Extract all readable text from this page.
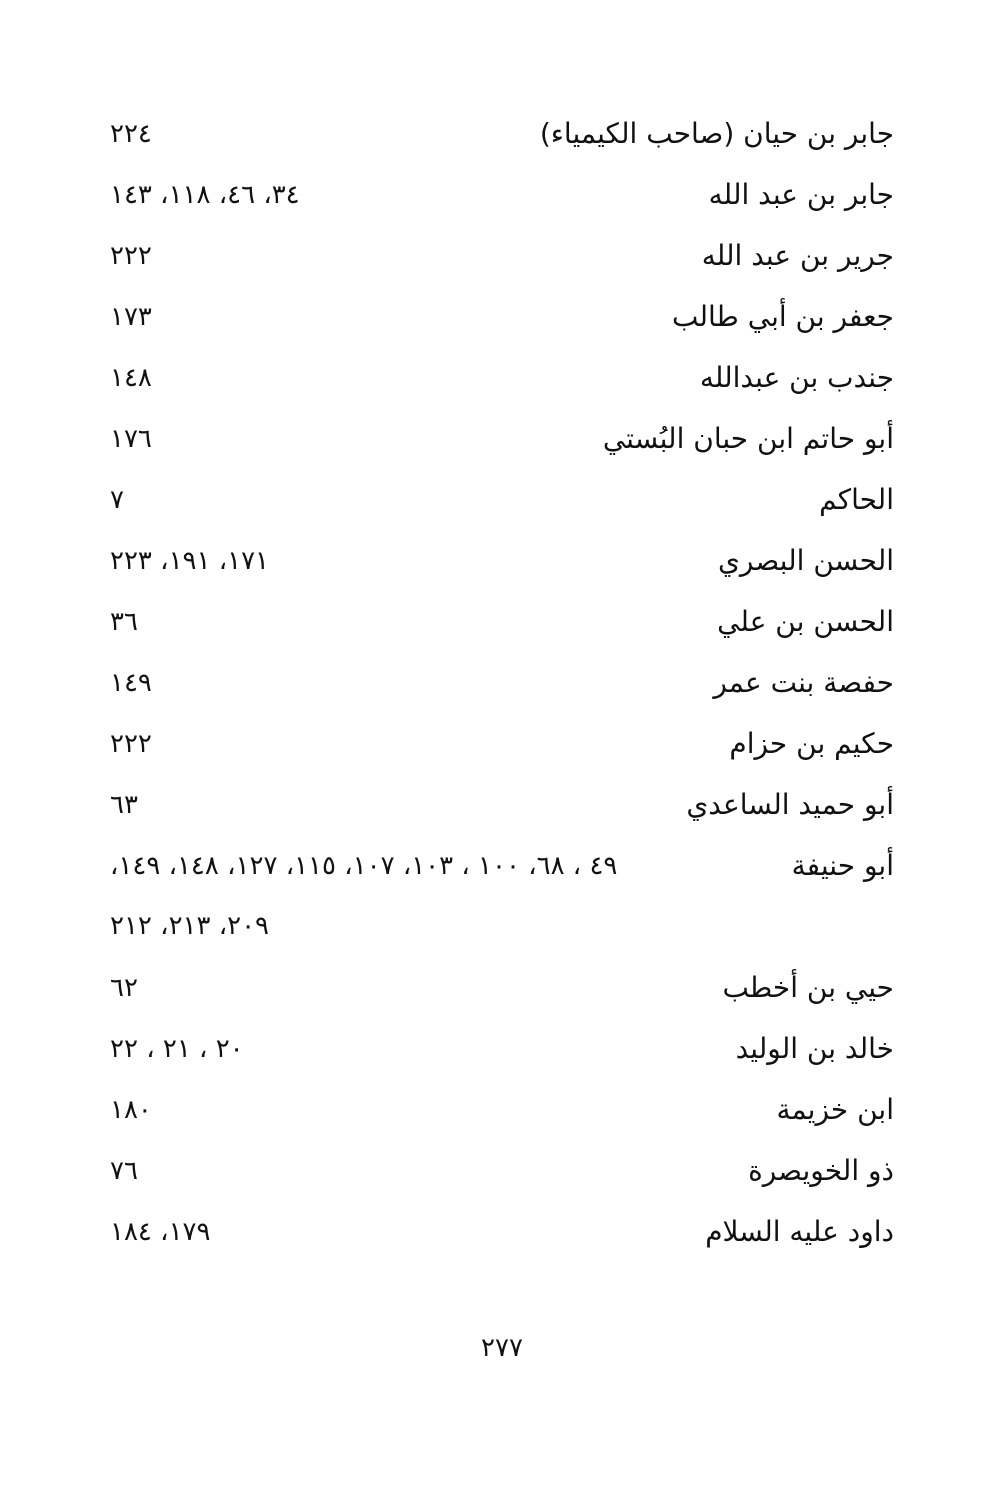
جابر بن حيان (صاحب الكيمياء)
٢٢٤
جابر بن عبد الله
٣٤، ٤٦، ١١٨، ١٤٣
جرير بن عبد الله
٢٢٢
جعفر بن أبي طالب
١٧٣
جندب بن عبدالله
١٤٨
أبو حاتم ابن حبان البُستي
١٧٦
الحاكم
٧
الحسن البصري
١٧١، ١٩١، ٢٢٣
الحسن بن علي
٣٦
حفصة بنت عمر
١٤٩
حكيم بن حزام
٢٢٢
أبو حميد الساعدي
٦٣
أبو حنيفة
٤٩ ، ٦٨، ١٠٠ ، ١٠٣، ١٠٧، ١١٥، ١٢٧، ١٤٨، ١٤٩،
٢٠٩، ٢١٣، ٢١٢
حيي بن أخطب
٦٢
خالد بن الوليد
٢٠ ، ٢١ ، ٢٢
ابن خزيمة
١٨٠
ذو الخويصرة
٧٦
داود عليه السلام
١٧٩، ١٨٤
٢٧٧
